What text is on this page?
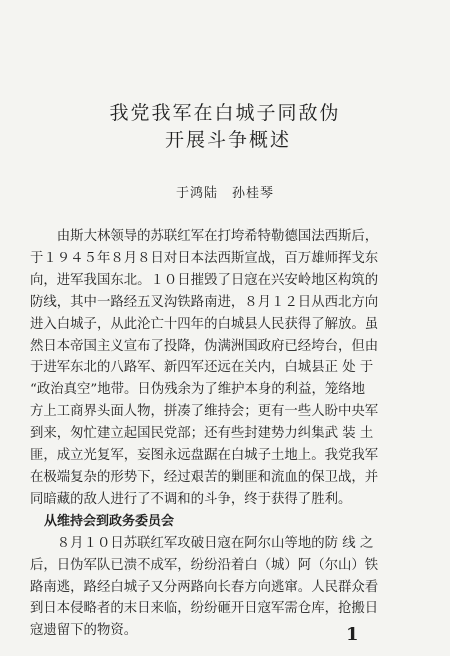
我党我军在白城子同敌伪
开展斗争概述
于鸿陆 孙桂琴

由斯大林领导的苏联红军在打垮希特勒德国法西斯后，
于１９４５年８月８日对日本法西斯宣战，百万雄师挥戈东
向，进军我国东北。１０日摧毁了日寇在兴安岭地区构筑的
防线，其中一路经五叉沟铁路南进，８月１２日从西北方向
进入白城子，从此沦亡十四年的白城县人民获得了解放。虽
然日本帝国主义宣布了投降，伪满洲国政府已经垮台，但由
于进军东北的八路军、新四军还远在关内，白城县正 处 于
“政治真空”地带。日伪残余为了维护本身的利益，笼络地
方上工商界头面人物，拼凑了维持会；更有一些人盼中央军
到来，匆忙建立起国民党部；还有些封建势力纠集武 装 土
匪，成立光复军，妄图永远盘踞在白城子土地上。我党我军
在极端复杂的形势下，经过艰苦的剿匪和流血的保卫战，并
同暗藏的敌人进行了不调和的斗争，终于获得了胜利。

从维持会到政务委员会

８月１０日苏联红军攻破日寇在阿尔山等地的防 线 之
后，日伪军队已溃不成军，纷纷沿着白（城）阿（尔山）铁
路南逃，路经白城子又分两路向长春方向逃窜。人民群众看
到日本侵略者的末日来临，纷纷砸开日寇军需仓库，抢搬日
寇遗留下的物资。	1
